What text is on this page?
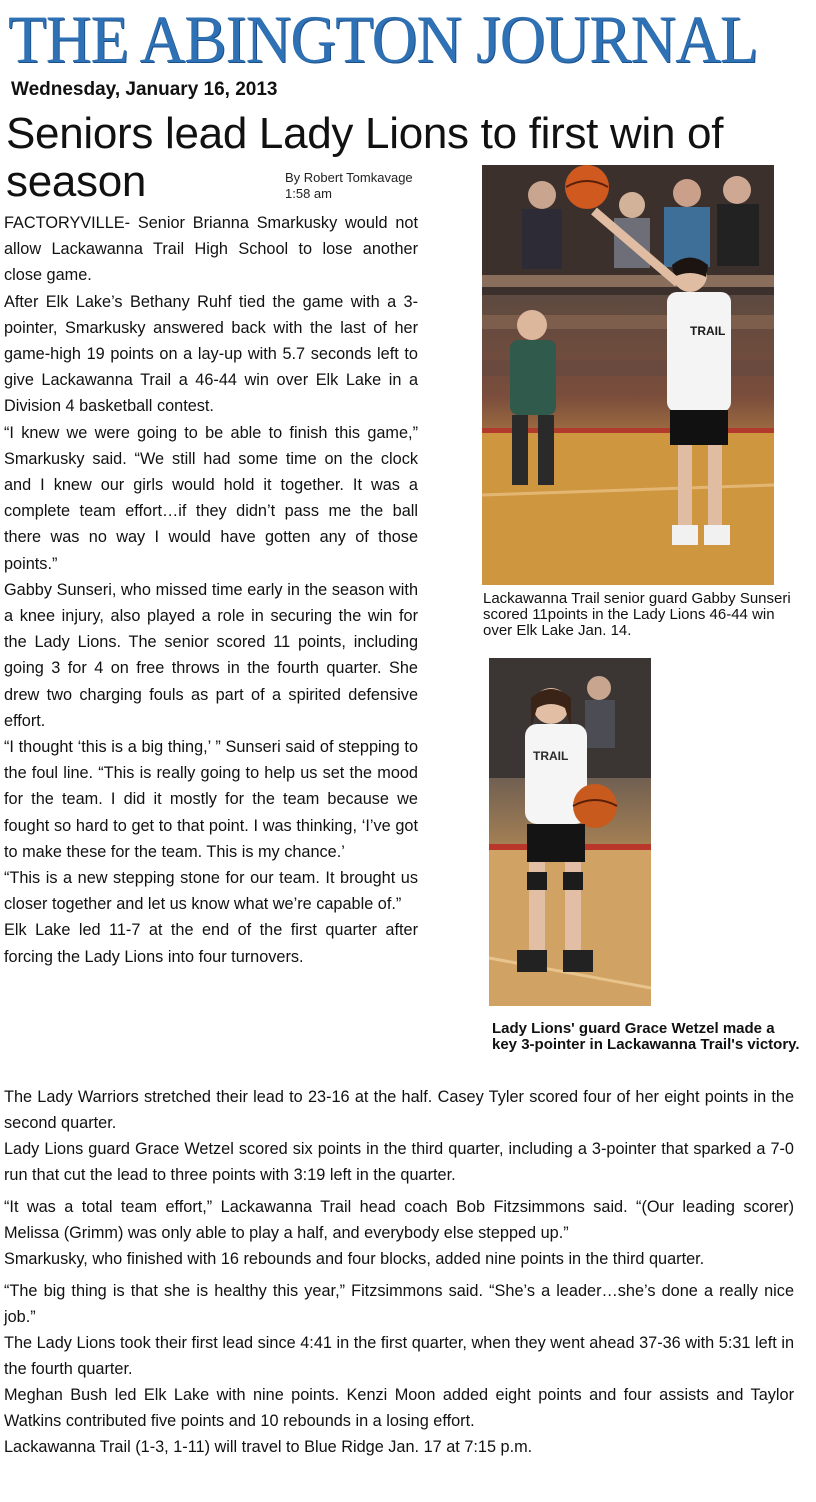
THE ABINGTON JOURNAL
Wednesday, January 16, 2013
Seniors lead Lady Lions to first win of season	By Robert Tomkavage
1:58 am

FACTORYVILLE- Senior Brianna Smarkusky would not allow Lackawanna Trail High School to lose another close game.

After Elk Lake’s Bethany Ruhf tied the game with a 3-pointer, Smarkusky answered back with the last of her game-high 19 points on a lay-up with 5.7 seconds left to give Lackawanna Trail a 46-44 win over Elk Lake in a Division 4 basketball contest.

“I knew we were going to be able to finish this game,” Smarkusky said. “We still had some time on the clock and I knew our girls would hold it together. It was a complete team effort…if they didn’t pass me the ball there was no way I would have gotten any of those points.”

Gabby Sunseri, who missed time early in the season with a knee injury, also played a role in securing the win for the Lady Lions. The senior scored 11 points, including going 3 for 4 on free throws in the fourth quarter. She drew two charging fouls as part of a spirited defensive effort.

“I thought ‘this is a big thing,’ ” Sunseri said of stepping to the foul line. “This is really going to help us set the mood for the team. I did it mostly for the team because we fought so hard to get to that point. I was thinking, ‘I’ve got to make these for the team. This is my chance.’

“This is a new stepping stone for our team. It brought us closer together and let us know what we’re capable of.”

Elk Lake led 11-7 at the end of the first quarter after forcing the Lady Lions into four turnovers.

TRAIL
Lackawanna Trail senior guard Gabby Sunseri scored 11points in the Lady Lions 46-44 win over Elk Lake Jan. 14.
TRAIL
Lady Lions' guard Grace Wetzel made a key 3-pointer in Lackawanna Trail's victory.

The Lady Warriors stretched their lead to 23-16 at the half. Casey Tyler scored four of her eight points in the second quarter.

Lady Lions guard Grace Wetzel scored six points in the third quarter, including a 3-pointer that sparked a 7-0 run that cut the lead to three points with 3:19 left in the quarter.

“It was a total team effort,” Lackawanna Trail head coach Bob Fitzsimmons said. “(Our leading scorer) Melissa (Grimm) was only able to play a half, and everybody else stepped up.”

Smarkusky, who finished with 16 rebounds and four blocks, added nine points in the third quarter.

“The big thing is that she is healthy this year,” Fitzsimmons said. “She’s a leader…she’s done a really nice job.”

The Lady Lions took their first lead since 4:41 in the first quarter, when they went ahead 37-36 with 5:31 left in the fourth quarter.

Meghan Bush led Elk Lake with nine points. Kenzi Moon added eight points and four assists and Taylor Watkins contributed five points and 10 rebounds in a losing effort.

Lackawanna Trail (1-3, 1-11) will travel to Blue Ridge Jan. 17 at 7:15 p.m.
